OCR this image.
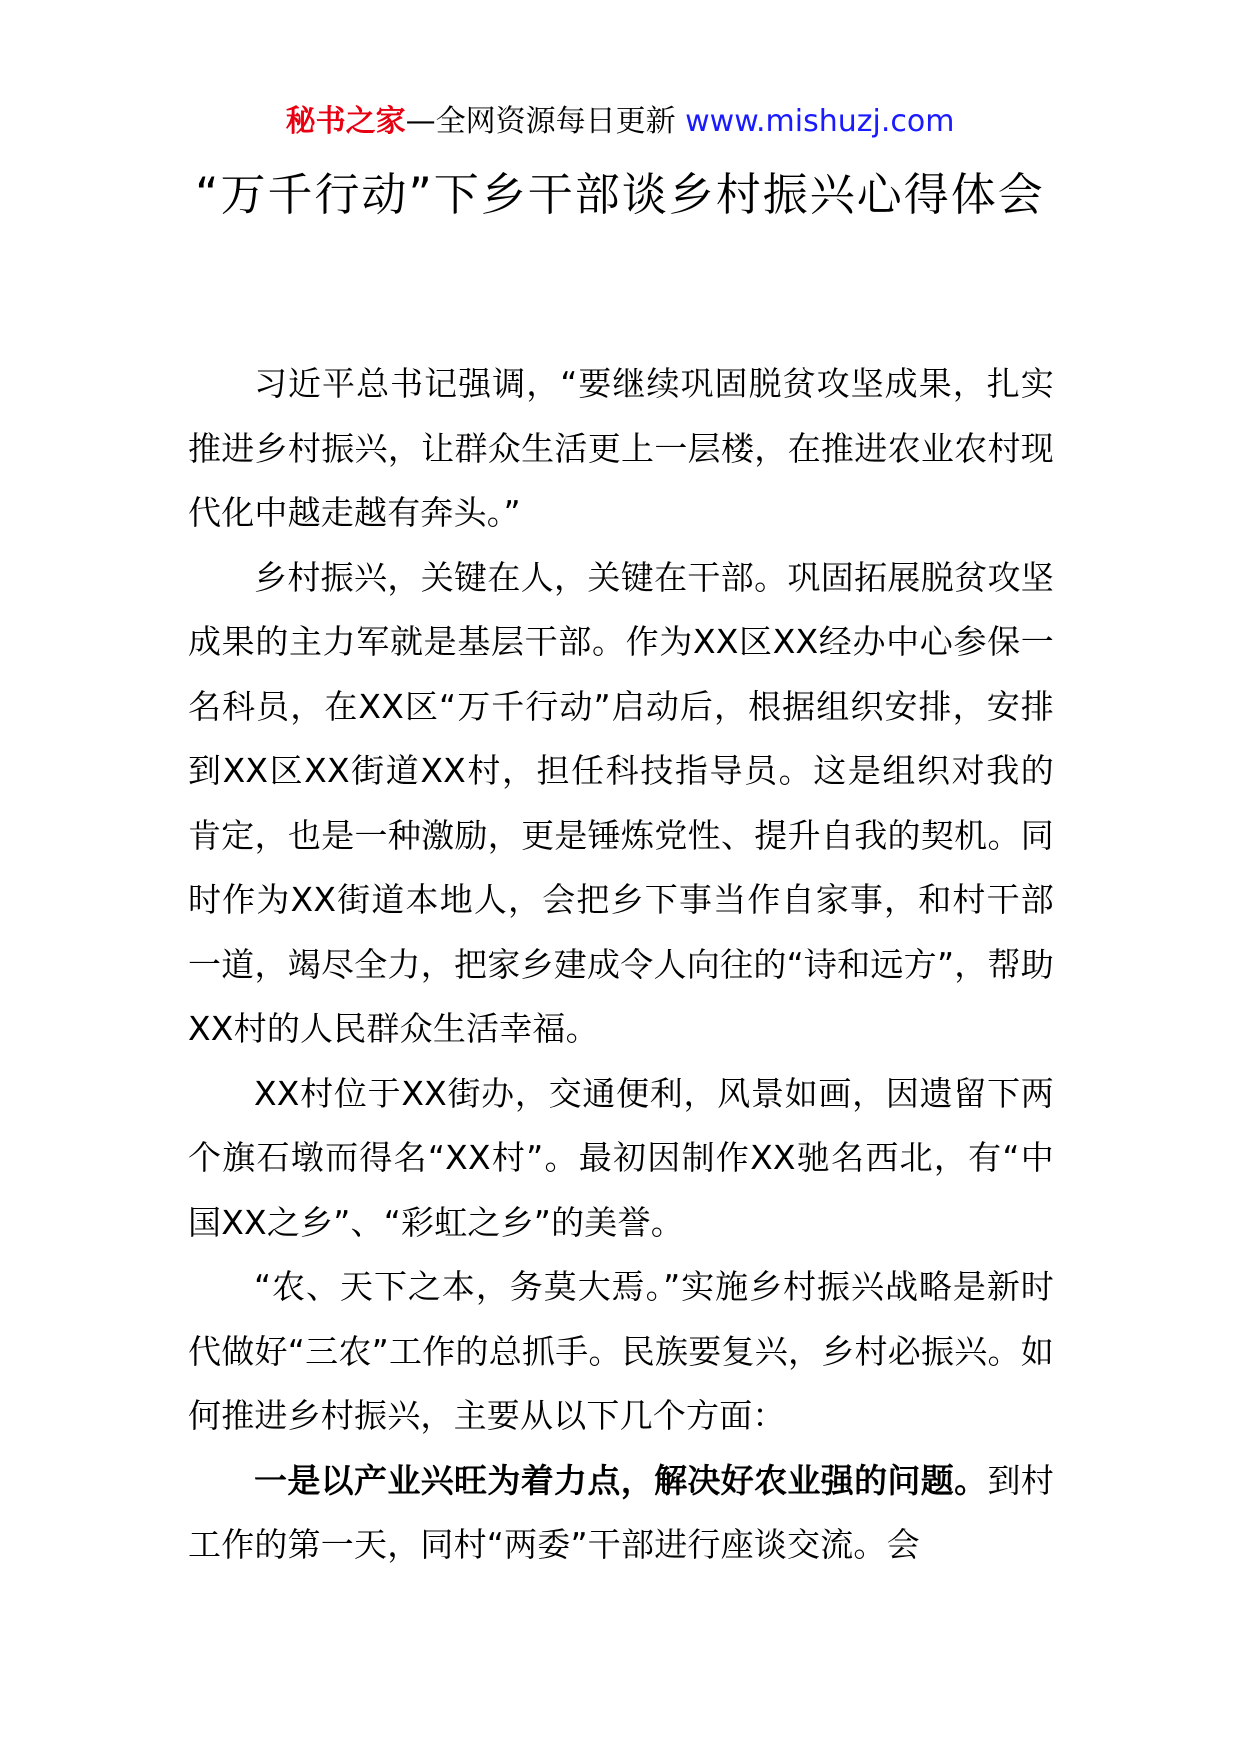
秘书之家—全网资源每日更新 www.mishuzj.com
“万千行动”下乡干部谈乡村振兴心得体会

习近平总书记强调，“要继续巩固脱贫攻坚成果，扎实推进乡村振兴，让群众生活更上一层楼，在推进农业农村现代化中越走越有奔头。”

乡村振兴，关键在人，关键在干部。巩固拓展脱贫攻坚成果的主力军就是基层干部。作为XX区XX经办中心参保一名科员，在XX区“万千行动”启动后，根据组织安排，安排到XX区XX街道XX村，担任科技指导员。这是组织对我的肯定，也是一种激励，更是锤炼党性、提升自我的契机。同时作为XX街道本地人，会把乡下事当作自家事，和村干部一道，竭尽全力，把家乡建成令人向往的“诗和远方”，帮助XX村的人民群众生活幸福。

XX村位于XX街办，交通便利，风景如画，因遗留下两个旗石墩而得名“XX村”。最初因制作XX驰名西北，有“中国XX之乡”、“彩虹之乡”的美誉。

“农、天下之本，务莫大焉。”实施乡村振兴战略是新时代做好“三农”工作的总抓手。民族要复兴，乡村必振兴。如何推进乡村振兴，主要从以下几个方面：

一是以产业兴旺为着力点，解决好农业强的问题。到村工作的第一天，同村“两委”干部进行座谈交流。会
